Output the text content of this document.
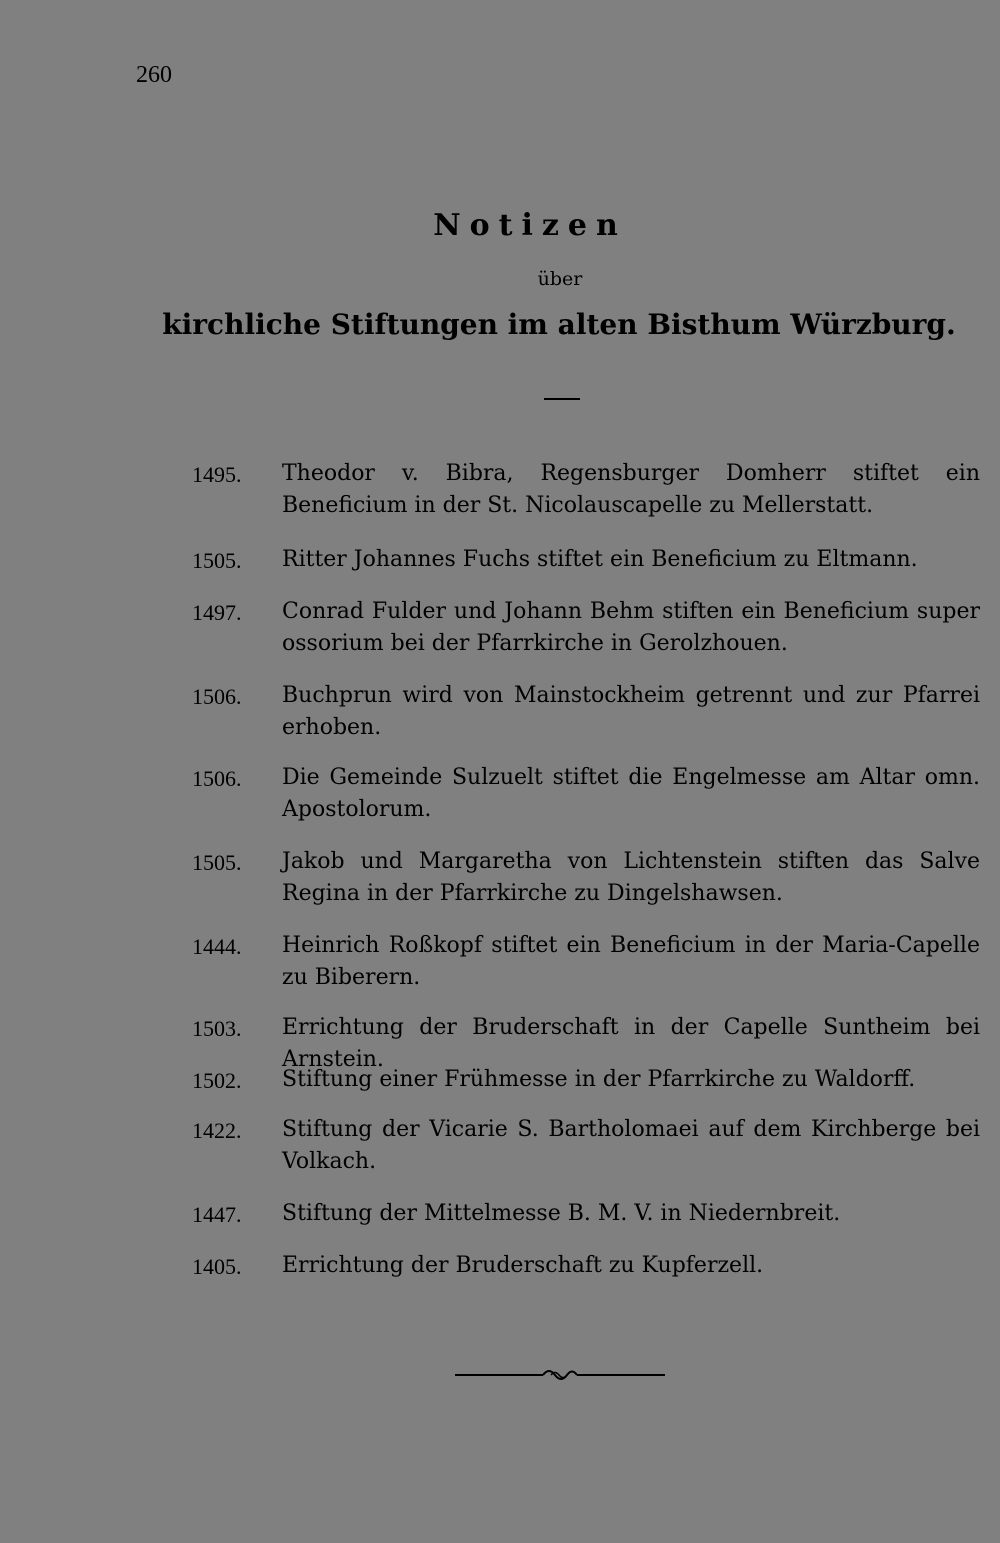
260
Notizen
über
kirchliche Stiftungen im alten Bisthum Würzburg.
1495.	Theodor v. Bibra, Regensburger Domherr stiftet ein Beneficium in der St. Nicolauscapelle zu Mellerstatt.
1505.	Ritter Johannes Fuchs stiftet ein Beneficium zu Eltmann.
1497.	Conrad Fulder und Johann Behm stiften ein Beneficium super ossorium bei der Pfarrkirche in Gerolzhouen.
1506.	Buchprun wird von Mainstockheim getrennt und zur Pfarrei erhoben.
1506.	Die Gemeinde Sulzuelt stiftet die Engelmesse am Altar omn. Apostolorum.
1505.	Jakob und Margaretha von Lichtenstein stiften das Salve Regina in der Pfarrkirche zu Dingelshawsen.
1444.	Heinrich Roßkopf stiftet ein Beneficium in der Maria-Capelle zu Biberern.
1503.	Errichtung der Bruderschaft in der Capelle Suntheim bei Arnstein.
1502.	Stiftung einer Frühmesse in der Pfarrkirche zu Waldorff.
1422.	Stiftung der Vicarie S. Bartholomaei auf dem Kirchberge bei Volkach.
1447.	Stiftung der Mittelmesse B. M. V. in Niedernbreit.
1405.	Errichtung der Bruderschaft zu Kupferzell.
